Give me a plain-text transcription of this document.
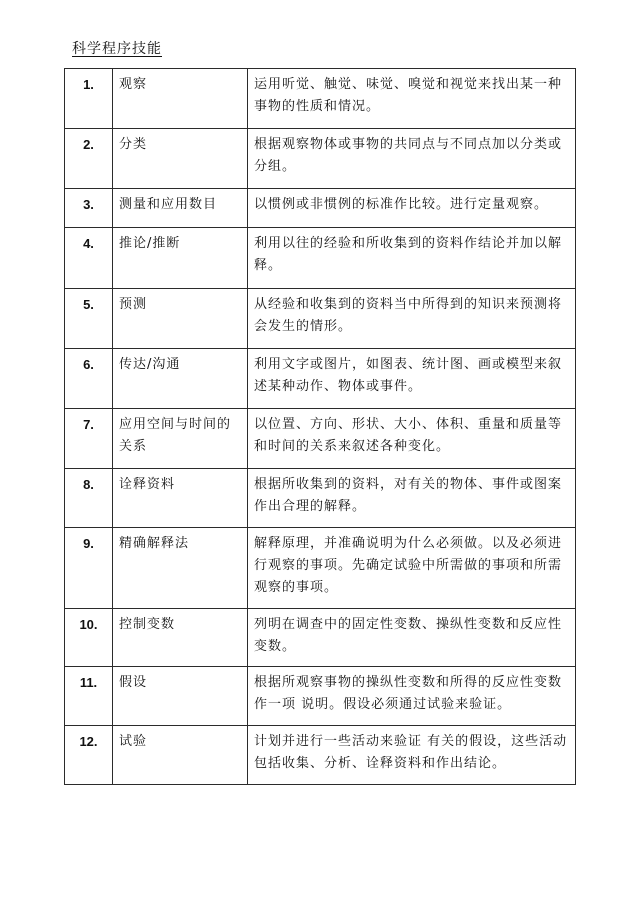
科学程序技能
1.	观察	运用听觉、触觉、味觉、嗅觉和视觉来找出某一种事物的性质和情况。
2.	分类	根据观察物体或事物的共同点与不同点加以分类或分组。
3.	测量和应用数目	以惯例或非惯例的标准作比较。进行定量观察。
4.	推论/推断	利用以往的经验和所收集到的资料作结论并加以解释。
5.	预测	从经验和收集到的资料当中所得到的知识来预测将会发生的情形。
6.	传达/沟通	利用文字或图片，如图表、统计图、画或模型来叙述某种动作、物体或事件。
7.	应用空间与时间的关系	以位置、方向、形状、大小、体积、重量和质量等和时间的关系来叙述各种变化。
8.	诠释资料	根据所收集到的资料，对有关的物体、事件或图案作出合理的解释。
9.	精确解释法	解释原理，并准确说明为什么必须做。以及必须进行观察的事项。先确定试验中所需做的事项和所需观察的事项。
10.	控制变数	列明在调查中的固定性变数、操纵性变数和反应性变数。
11.	假设	根据所观察事物的操纵性变数和所得的反应性变数作一项 说明。假设必须通过试验来验证。
12.	试验	计划并进行一些活动来验证 有关的假设，这些活动包括收集、分析、诠释资料和作出结论。
